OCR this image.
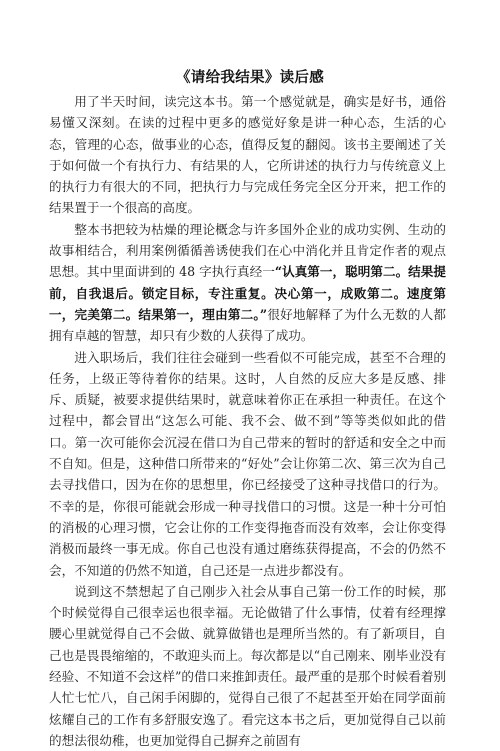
《请给我结果》读后感

用了半天时间，读完这本书。第一个感觉就是，确实是好书，通俗易懂又深刻。在读的过程中更多的感觉好象是讲一种心态，生活的心态，管理的心态，做事业的心态，值得反复的翻阅。该书主要阐述了关于如何做一个有执行力、有结果的人，它所讲述的执行力与传统意义上的执行力有很大的不同，把执行力与完成任务完全区分开来，把工作的结果置于一个很高的高度。

整本书把较为枯燥的理论概念与许多国外企业的成功实例、生动的故事相结合，利用案例循循善诱使我们在心中消化并且肯定作者的观点思想。其中里面讲到的 48 字执行真经一“认真第一，聪明第二。结果提前，自我退后。锁定目标，专注重复。决心第一，成败第二。速度第一，完美第二。结果第一，理由第二。”很好地解释了为什么无数的人都拥有卓越的智慧，却只有少数的人获得了成功。

进入职场后，我们往往会碰到一些看似不可能完成，甚至不合理的任务，上级正等待着你的结果。这时，人自然的反应大多是反感、排斥、质疑，被要求提供结果时，就意味着你正在承担一种责任。在这个过程中，都会冒出“这怎么可能、我不会、做不到”等等类似如此的借口。第一次可能你会沉浸在借口为自己带来的暂时的舒适和安全之中而不自知。但是，这种借口所带来的“好处”会让你第二次、第三次为自己去寻找借口，因为在你的思想里，你已经接受了这种寻找借口的行为。不幸的是，你很可能就会形成一种寻找借口的习惯。这是一种十分可怕的消极的心理习惯，它会让你的工作变得拖沓而没有效率，会让你变得消极而最终一事无成。你自己也没有通过磨练获得提高，不会的仍然不会，不知道的仍然不知道，自己还是一点进步都没有。

说到这不禁想起了自己刚步入社会从事自己第一份工作的时候，那个时候觉得自己很幸运也很幸福。无论做错了什么事情，仗着有经理撑腰心里就觉得自己不会做、就算做错也是理所当然的。有了新项目，自己也是畏畏缩缩的，不敢迎头而上。每次都是以“自己刚来、刚毕业没有经验、不知道不会这样”的借口来推卸责任。最严重的是那个时候看着别人忙七忙八，自己闲手闲脚的，觉得自己很了不起甚至开始在同学面前炫耀自己的工作有多舒服安逸了。看完这本书之后，更加觉得自己以前的想法很幼稚，也更加觉得自己摒弃之前固有
